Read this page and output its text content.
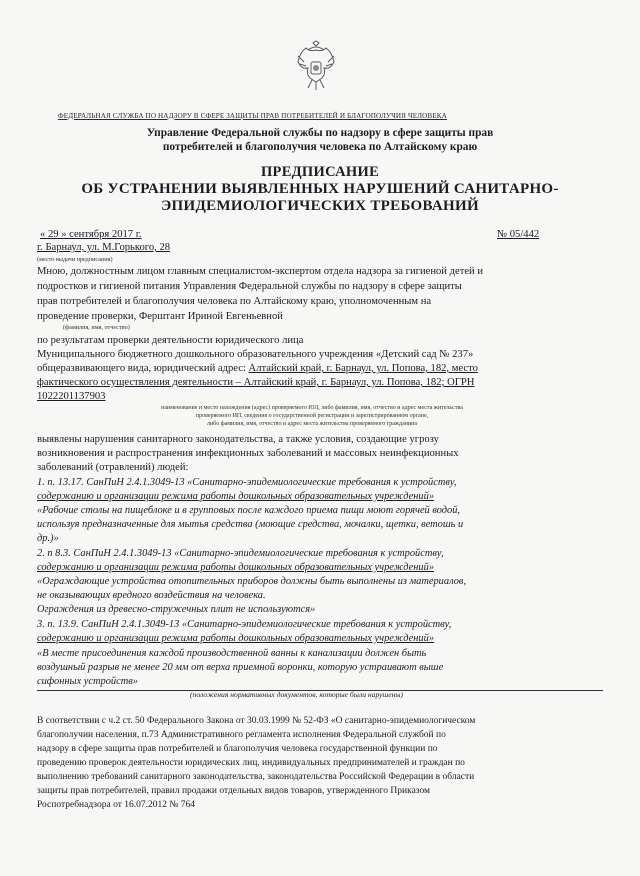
ФЕДЕРАЛЬНАЯ СЛУЖБА ПО НАДЗОРУ В СФЕРЕ ЗАЩИТЫ ПРАВ ПОТРЕБИТЕЛЕЙ И БЛАГОПОЛУЧИЯ ЧЕЛОВЕКА
Управление Федеральной службы по надзору в сфере защиты прав
потребителей и благополучия человека по Алтайскому краю
ПРЕДПИСАНИЕ
ОБ УСТРАНЕНИИ ВЫЯВЛЕННЫХ НАРУШЕНИЙ САНИТАРНО-
ЭПИДЕМИОЛОГИЧЕСКИХ ТРЕБОВАНИЙ
« 29 » сентября 2017 г.	№ 05/442
г. Барнаул, ул. М.Горького, 28
(место выдачи предписания)
Мною, должностным лицом главным специалистом-экспертом отдела надзора за гигиеной детей и
подростков и гигиеной питания Управления Федеральной службы по надзору в сфере защиты
прав потребителей и благополучия человека по Алтайскому краю, уполномоченным на
проведение проверки, Ферштант Ириной Евгеньевной
(фамилия, имя, отчество)
по результатам проверки деятельности юридического лица
Муниципального бюджетного дошкольного образовательного учреждения «Детский сад № 237»
общеразвивающего вида, юридический адрес: Алтайский край, г. Барнаул, ул. Попова, 182, место
фактического осуществления деятельности – Алтайский край, г. Барнаул, ул. Попова, 182; ОГРН
1022201137903
наименование и место нахождения (адрес) проверяемого ЮЛ, либо фамилия, имя, отчество и адрес места жительства
проверяемого ИП, сведения о государственной регистрации и зарегистрированном органе,
либо фамилия, имя, отчество и адрес места жительства проверяемого гражданина
выявлены нарушения санитарного законодательства, а также условия, создающие угрозу
возникновения и распространения инфекционных заболеваний и массовых неинфекционных
заболеваний (отравлений) людей:
1. п. 13.17. СанПиН 2.4.1.3049-13 «Санитарно-эпидемиологические требования к устройству,
содержанию и организации режима работы дошкольных образовательных учреждений»
«Рабочие столы на пищеблоке и в групповых после каждого приема пищи моют горячей водой,
используя предназначенные для мытья средства (моющие средства, мочалки, щетки, ветошь и
др.)»
2. п 8.3. СанПиН 2.4.1.3049-13 «Санитарно-эпидемиологические требования к устройству,
содержанию и организации режима работы дошкольных образовательных учреждений»
«Ограждающие устройства отопительных приборов должны быть выполнены из материалов,
не оказывающих вредного воздействия на человека.
Ограждения из древесно-стружечных плит не используются»
3. п. 13.9. СанПиН 2.4.1.3049-13 «Санитарно-эпидемиологические требования к устройству,
содержанию и организации режима работы дошкольных образовательных учреждений»
«В месте присоединения каждой производственной ванны к канализации должен быть
воздушный разрыв не менее 20 мм от верха приемной воронки, которую устраивают выше
сифонных устройств»
(положения нормативных документов, которые были нарушены)
В соответствии с ч.2 ст. 50 Федерального Закона от 30.03.1999 № 52-ФЗ «О санитарно-эпидемиологическом
благополучии населения, п.73 Административного регламента исполнения Федеральной службой по
надзору в сфере защиты прав потребителей и благополучия человека государственной функции по
проведению проверок деятельности юридических лиц, индивидуальных предпринимателей и граждан по
выполнению требований санитарного законодательства, законодательства Российской Федерации в области
защиты прав потребителей, правил продажи отдельных видов товаров, утвержденного Приказом
Роспотребнадзора от 16.07.2012 № 764
